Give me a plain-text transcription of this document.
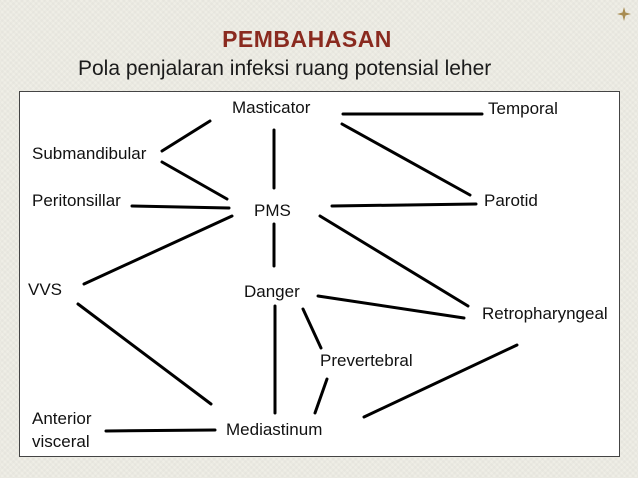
PEMBAHASAN
Pola penjalaran infeksi ruang potensial leher
Masticator	Temporal
Submandibular
Parotid
Peritonsillar
PMS
VVS	Danger
Retropharyngeal
Prevertebral
Anterior
visceral
Mediastinum
